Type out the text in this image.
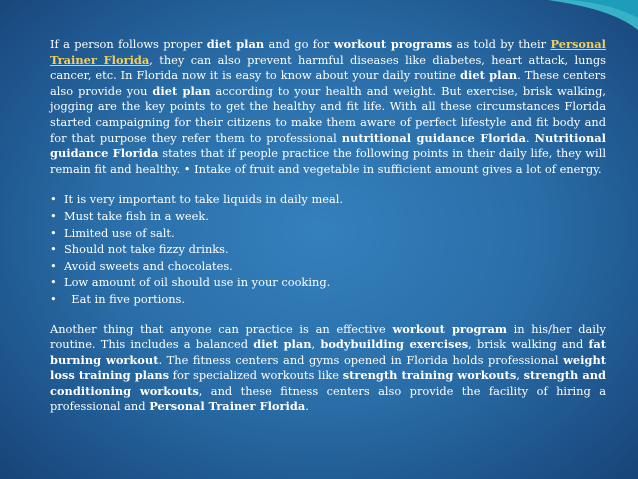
If a person follows proper diet plan and go for workout programs as told by their Personal Trainer Florida, they can also prevent harmful diseases like diabetes, heart attack, lungs cancer, etc. In Florida now it is easy to know about your daily routine diet plan. These centers also provide you diet plan according to your health and weight. But exercise, brisk walking, jogging are the key points to get the healthy and fit life. With all these circumstances Florida started campaigning for their citizens to make them aware of perfect lifestyle and fit body and for that purpose they refer them to professional nutritional guidance Florida. Nutritional guidance Florida states that if people practice the following points in their daily life, they will remain fit and healthy. • Intake of fruit and vegetable in sufficient amount gives a lot of energy.

• It is very important to take liquids in daily meal.
• Must take fish in a week.
• Limited use of salt.
• Should not take fizzy drinks.
• Avoid sweets and chocolates.
• Low amount of oil should use in your cooking.
• Eat in five portions.

Another thing that anyone can practice is an effective workout program in his/her daily routine. This includes a balanced diet plan, bodybuilding exercises, brisk walking and fat burning workout. The fitness centers and gyms opened in Florida holds professional weight loss training plans for specialized workouts like strength training workouts, strength and conditioning workouts, and these fitness centers also provide the facility of hiring a professional and Personal Trainer Florida.
